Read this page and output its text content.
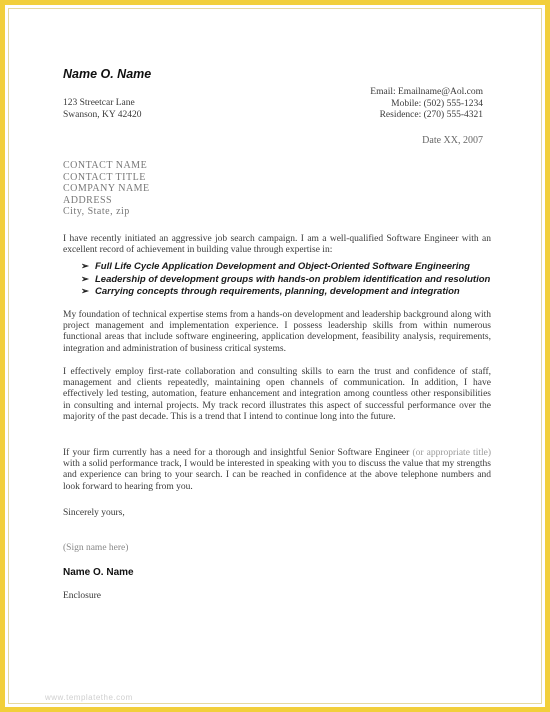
Name O. Name
123 Streetcar Lane
Swanson, KY 42420
Email: Emailname@Aol.com
Mobile: (502) 555-1234
Residence: (270) 555-4321
Date XX, 2007
CONTACT NAME
CONTACT TITLE
COMPANY NAME
ADDRESS
City, State, zip
I have recently initiated an aggressive job search campaign. I am a well-qualified Software Engineer with an excellent record of achievement in building value through expertise in:
➢ Full Life Cycle Application Development and Object-Oriented Software Engineering
➢ Leadership of development groups with hands-on problem identification and resolution
➢ Carrying concepts through requirements, planning, development and integration
My foundation of technical expertise stems from a hands-on development and leadership background along with project management and implementation experience. I possess leadership skills from within numerous functional areas that include software engineering, application development, feasibility analysis, requirements, integration and administration of business critical systems.
I effectively employ first-rate collaboration and consulting skills to earn the trust and confidence of staff, management and clients repeatedly, maintaining open channels of communication. In addition, I have effectively led testing, automation, feature enhancement and integration among countless other responsibilities in consulting and internal projects. My track record illustrates this aspect of successful performance over the majority of the past decade. This is a trend that I intend to continue long into the future.
If your firm currently has a need for a thorough and insightful Senior Software Engineer (or appropriate title) with a solid performance track, I would be interested in speaking with you to discuss the value that my strengths and experience can bring to your search. I can be reached in confidence at the above telephone numbers and look forward to hearing from you.
Sincerely yours,
(Sign name here)
Name O. Name
Enclosure
www.templatethe.com
